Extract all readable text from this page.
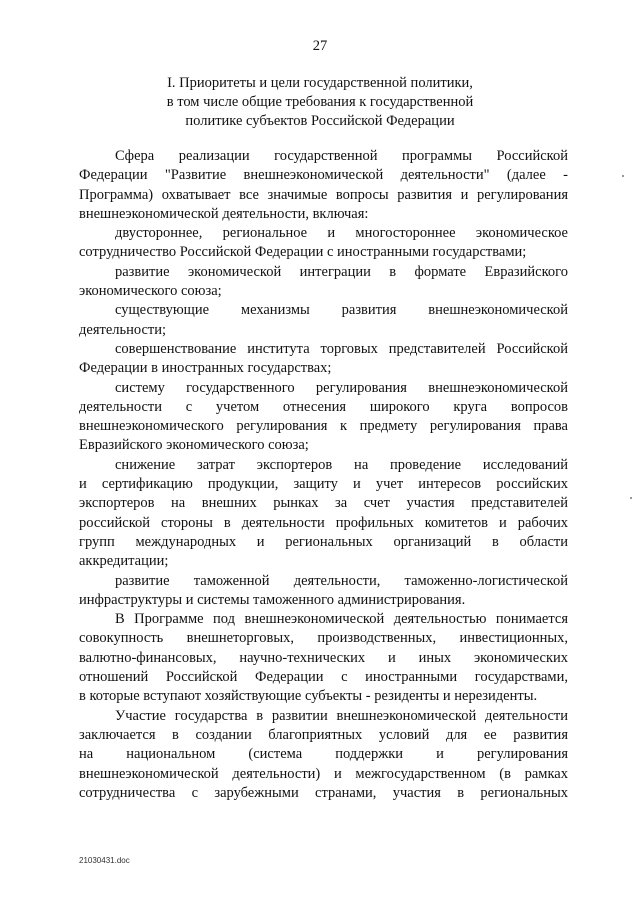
27
I. Приоритеты и цели государственной политики,
в том числе общие требования к государственной
политике субъектов Российской Федерации
Сфера реализации государственной программы Российской
Федерации "Развитие внешнеэкономической деятельности" (далее -
Программа) охватывает все значимые вопросы развития и регулирования
внешнеэкономической деятельности, включая:
двустороннее, региональное и многостороннее экономическое
сотрудничество Российской Федерации с иностранными государствами;
развитие экономической интеграции в формате Евразийского
экономического союза;
существующие механизмы развития внешнеэкономической
деятельности;
совершенствование института торговых представителей Российской
Федерации в иностранных государствах;
систему государственного регулирования внешнеэкономической
деятельности с учетом отнесения широкого круга вопросов
внешнеэкономического регулирования к предмету регулирования права
Евразийского экономического союза;
снижение затрат экспортеров на проведение исследований
и сертификацию продукции, защиту и учет интересов российских
экспортеров на внешних рынках за счет участия представителей
российской стороны в деятельности профильных комитетов и рабочих
групп международных и региональных организаций в области
аккредитации;
развитие таможенной деятельности, таможенно-логистической
инфраструктуры и системы таможенного администрирования.
В Программе под внешнеэкономической деятельностью понимается
совокупность внешнеторговых, производственных, инвестиционных,
валютно-финансовых, научно-технических и иных экономических
отношений Российской Федерации с иностранными государствами,
в которые вступают хозяйствующие субъекты - резиденты и нерезиденты.
Участие государства в развитии внешнеэкономической деятельности
заключается в создании благоприятных условий для ее развития
на национальном (система поддержки и регулирования
внешнеэкономической деятельности) и межгосударственном (в рамках
сотрудничества с зарубежными странами, участия в региональных
21030431.doc
